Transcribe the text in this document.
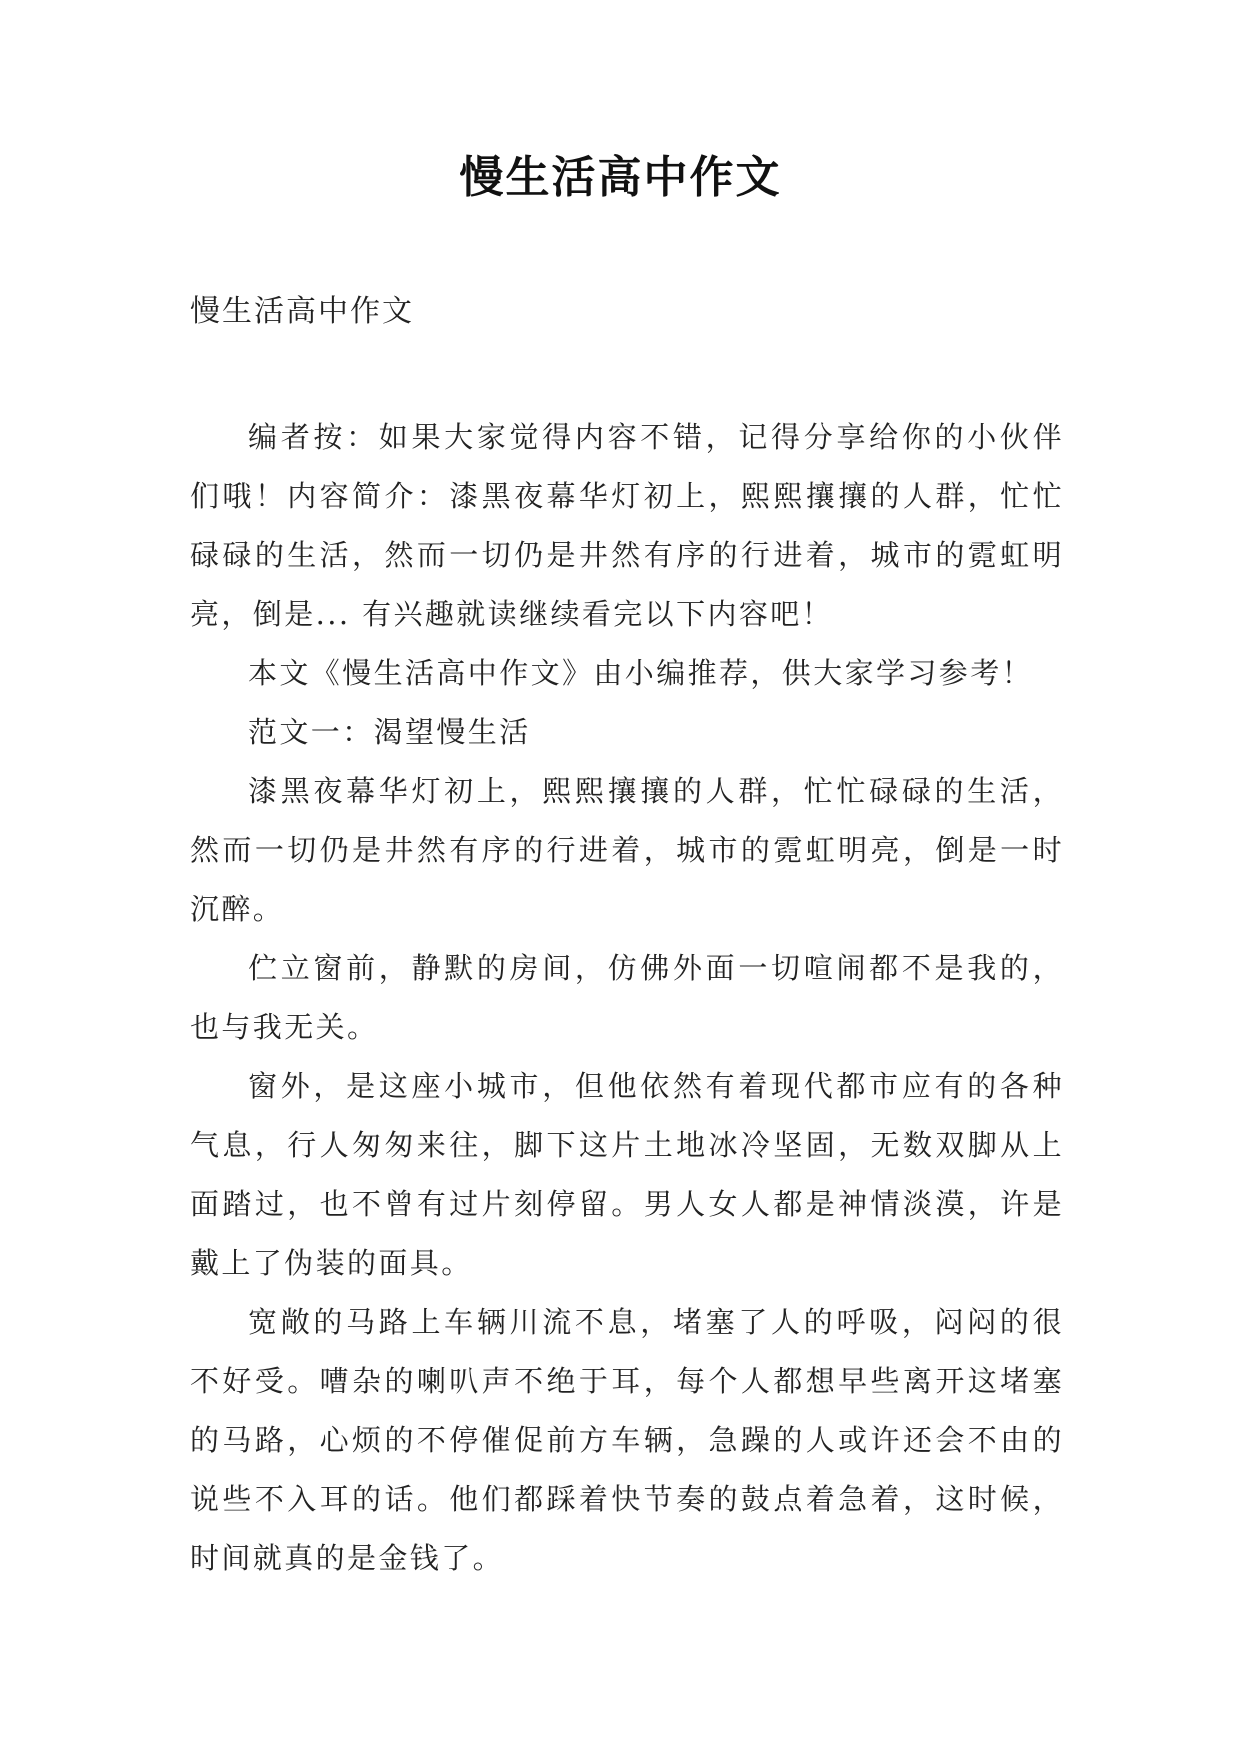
慢生活高中作文
慢生活高中作文

编者按：如果大家觉得内容不错，记得分享给你的小伙伴们哦！内容简介：漆黑夜幕华灯初上，熙熙攘攘的人群，忙忙碌碌的生活，然而一切仍是井然有序的行进着，城市的霓虹明亮，倒是... 有兴趣就读继续看完以下内容吧！

本文《慢生活高中作文》由小编推荐，供大家学习参考！

范文一：渴望慢生活

漆黑夜幕华灯初上，熙熙攘攘的人群，忙忙碌碌的生活，然而一切仍是井然有序的行进着，城市的霓虹明亮，倒是一时沉醉。

伫立窗前，静默的房间，仿佛外面一切喧闹都不是我的，也与我无关。

窗外，是这座小城市，但他依然有着现代都市应有的各种气息，行人匆匆来往，脚下这片土地冰冷坚固，无数双脚从上面踏过，也不曾有过片刻停留。男人女人都是神情淡漠，许是戴上了伪装的面具。

宽敞的马路上车辆川流不息，堵塞了人的呼吸，闷闷的很不好受。嘈杂的喇叭声不绝于耳，每个人都想早些离开这堵塞的马路，心烦的不停催促前方车辆，急躁的人或许还会不由的说些不入耳的话。他们都踩着快节奏的鼓点着急着，这时候，时间就真的是金钱了。
